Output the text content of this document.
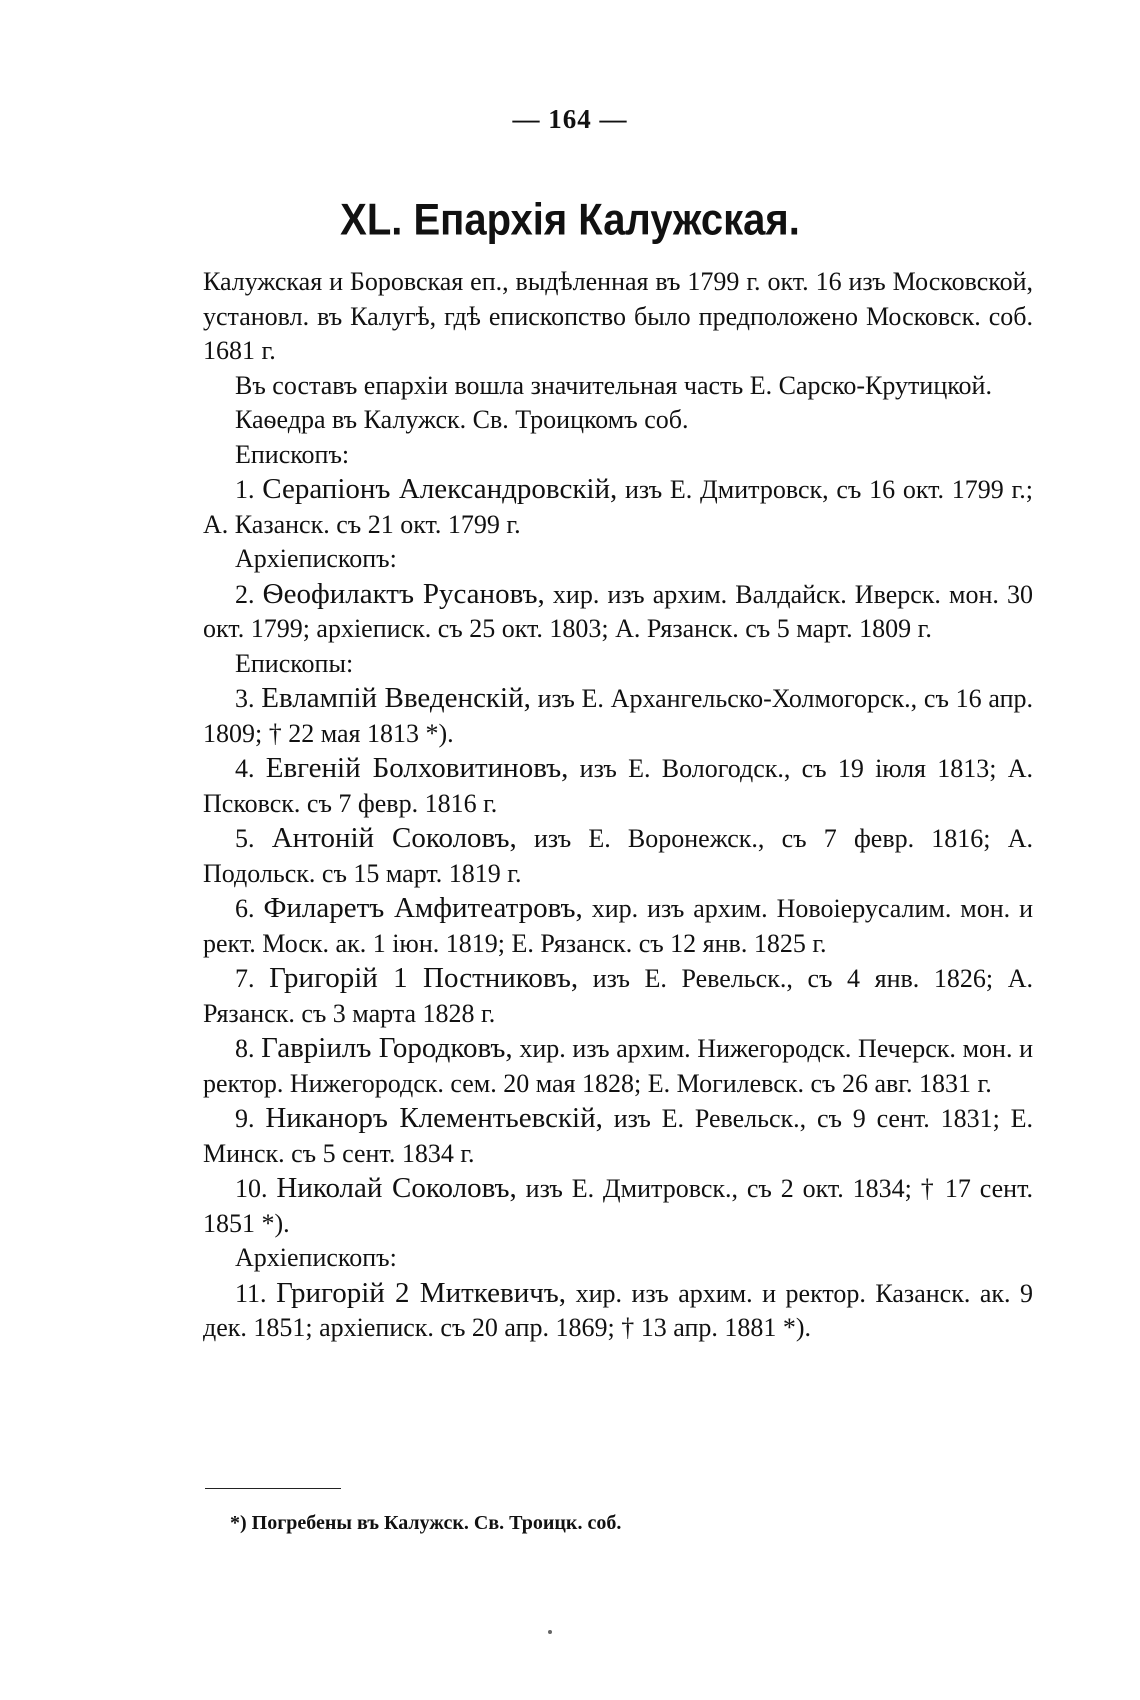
— 164 —
XL. Епархія Калужская.

Калужская и Боровская еп., выдѣленная въ 1799 г. окт. 16 изъ Московской, установл. въ Калугѣ, гдѣ епископство было предположено Московск. соб. 1681 г.

Въ составъ епархіи вошла значительная часть Е. Сарско-Крутицкой.

Каѳедра въ Калужск. Св. Троицкомъ соб.

Епископъ:

1. Серапіонъ Александровскій, изъ Е. Дмитровск, съ 16 окт. 1799 г.; А. Казанск. съ 21 окт. 1799 г.

Архіепископъ:

2. Ѳеофилактъ Русановъ, хир. изъ архим. Валдайск. Иверск. мон. 30 окт. 1799; архіеписк. съ 25 окт. 1803; А. Рязанск. съ 5 март. 1809 г.

Епископы:

3. Евлампій Введенскій, изъ Е. Архангельско-Холмогорск., съ 16 апр. 1809; † 22 мая 1813 *).

4. Евгеній Болховитиновъ, изъ Е. Вологодск., съ 19 іюля 1813; А. Псковск. съ 7 февр. 1816 г.

5. Антоній Соколовъ, изъ Е. Воронежск., съ 7 февр. 1816; А. Подольск. съ 15 март. 1819 г.

6. Филаретъ Амфитеатровъ, хир. изъ архим. Новоіерусалим. мон. и рект. Моск. ак. 1 іюн. 1819; Е. Рязанск. съ 12 янв. 1825 г.

7. Григорій 1 Постниковъ, изъ Е. Ревельск., съ 4 янв. 1826; А. Рязанск. съ 3 марта 1828 г.

8. Гавріилъ Городковъ, хир. изъ архим. Нижегородск. Печерск. мон. и ректор. Нижегородск. сем. 20 мая 1828; Е. Могилевск. съ 26 авг. 1831 г.

9. Никаноръ Клементьевскій, изъ Е. Ревельск., съ 9 сент. 1831; Е. Минск. съ 5 сент. 1834 г.

10. Николай Соколовъ, изъ Е. Дмитровск., съ 2 окт. 1834; † 17 сент. 1851 *).

Архіепископъ:

11. Григорій 2 Миткевичъ, хир. изъ архим. и ректор. Казанск. ак. 9 дек. 1851; архіеписк. съ 20 апр. 1869; † 13 апр. 1881 *).

*) Погребены въ Калужск. Св. Троицк. соб.
